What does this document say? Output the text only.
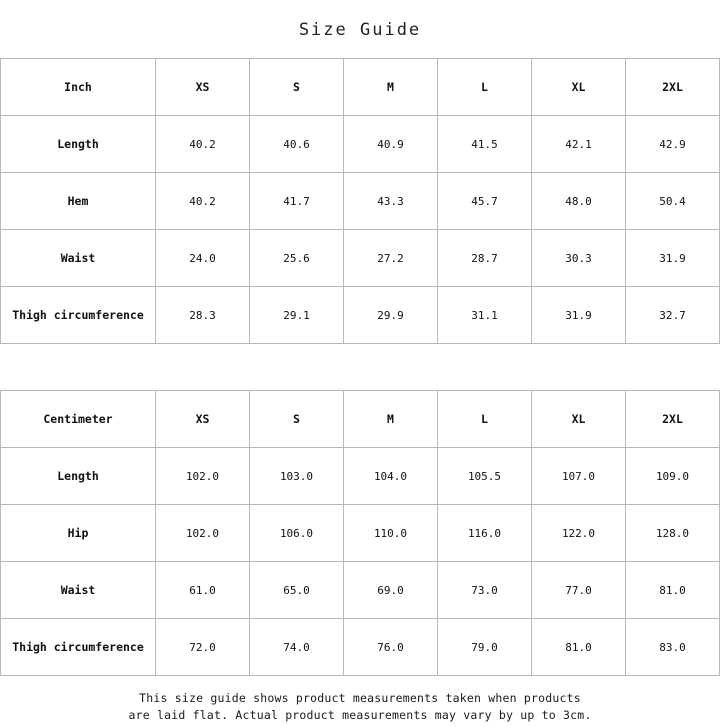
Size Guide
Inch	XS	S	M	L	XL	2XL
Length	40.2	40.6	40.9	41.5	42.1	42.9
Hem	40.2	41.7	43.3	45.7	48.0	50.4
Waist	24.0	25.6	27.2	28.7	30.3	31.9
Thigh circumference	28.3	29.1	29.9	31.1	31.9	32.7
Centimeter	XS	S	M	L	XL	2XL
Length	102.0	103.0	104.0	105.5	107.0	109.0
Hip	102.0	106.0	110.0	116.0	122.0	128.0
Waist	61.0	65.0	69.0	73.0	77.0	81.0
Thigh circumference	72.0	74.0	76.0	79.0	81.0	83.0
This size guide shows product measurements taken when products
are laid flat. Actual product measurements may vary by up to 3cm.
